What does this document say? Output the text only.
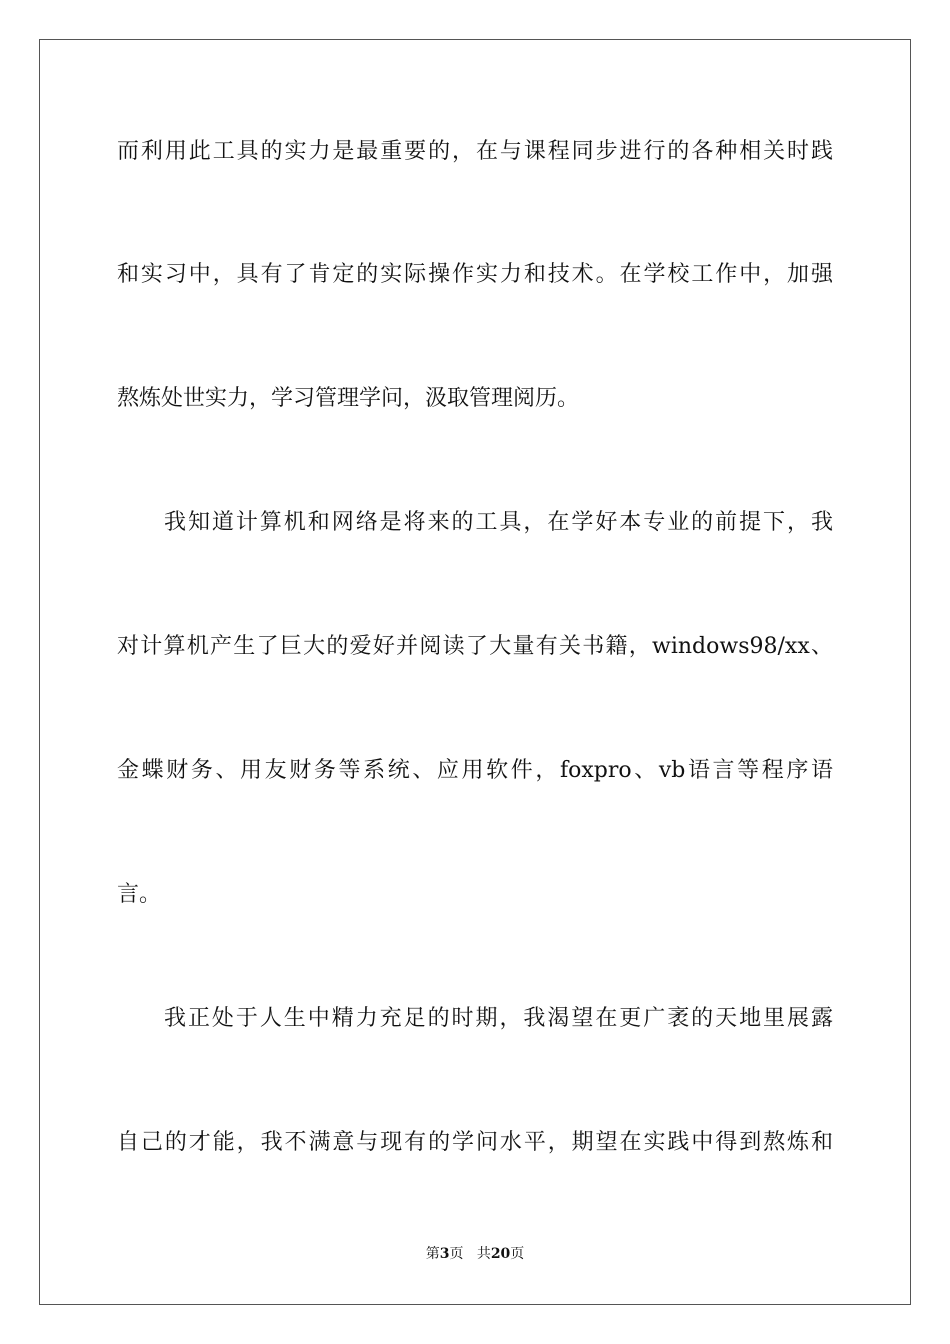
而利用此工具的实力是最重要的，在与课程同步进行的各种相关时践
和实习中，具有了肯定的实际操作实力和技术。在学校工作中，加强
熬炼处世实力，学习管理学问，汲取管理阅历。
我知道计算机和网络是将来的工具，在学好本专业的前提下，我
对计算机产生了巨大的爱好并阅读了大量有关书籍，windows98/xx、
金蝶财务、用友财务等系统、应用软件，foxpro、vb语言等程序语
言。
我正处于人生中精力充足的时期，我渴望在更广袤的天地里展露
自己的才能，我不满意与现有的学问水平，期望在实践中得到熬炼和
第3页 共20页
